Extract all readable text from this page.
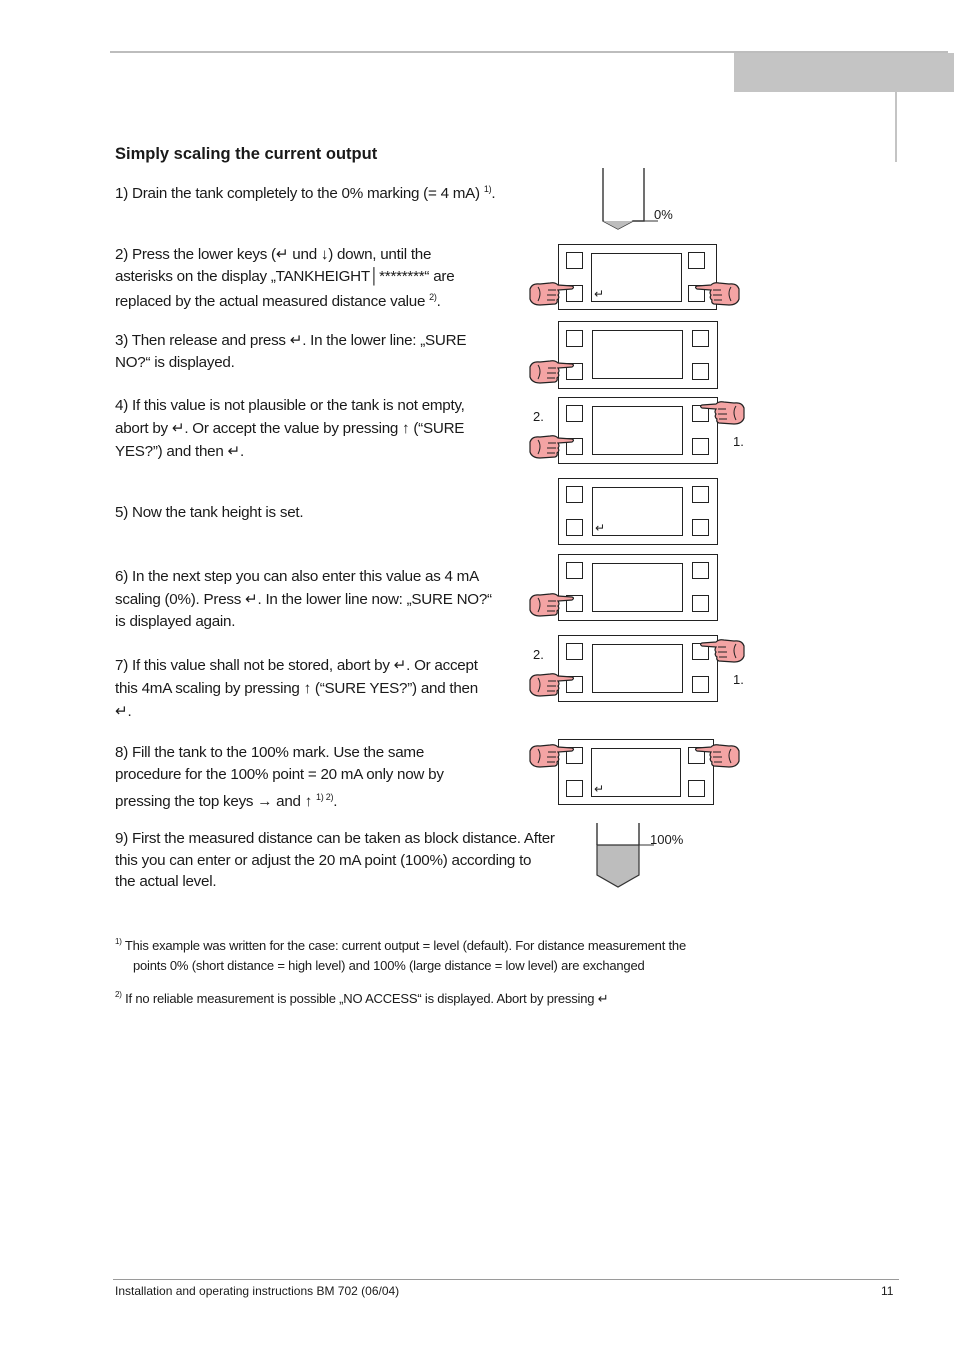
Simply scaling the current output

1) Drain the tank completely to the 0% marking (= 4 mA) $^{1)}$.

2) Press the lower keys (↵ und ↓) down, until the
asterisks on the display „TANKHEIGHT│********“ are
replaced by the actual measured distance value $^{2)}$.

3) Then release and press ↵. In the lower line: „SURE
NO?“ is displayed.

4) If this value is not plausible or the tank is not empty,
abort by ↵. Or accept the value by pressing ↑ (“SURE
YES?”) and then ↵.

5) Now the tank height is set.

6) In the next step you can also enter this value as 4 mA
scaling (0%). Press ↵. In the lower line now: „SURE NO?“
is displayed again.

7) If this value shall not be stored, abort by ↵. Or accept
this 4mA scaling by pressing ↑ (“SURE YES?”) and then
↵.

8) Fill the tank to the 100% mark. Use the same
procedure for the 100% point = 20 mA only now by
pressing the top keys → and ↑ $^{1) 2)}$.

9) First the measured distance can be taken as block distance. After
this you can enter or adjust the 20 mA point (100%) according to
the actual level.

$^{1)}$ This example was written for the case: current output = level (default). For distance measurement the
points 0% (short distance = high level) and 100% (large distance = low level) are exchanged

$^{2)}$ If no reliable measurement is possible „NO ACCESS“ is displayed. Abort by pressing ↵

0%
100%
↵
2.
1.
↵
2.
1.
↵
Installation and operating instructions BM 702 (06/04)	11
